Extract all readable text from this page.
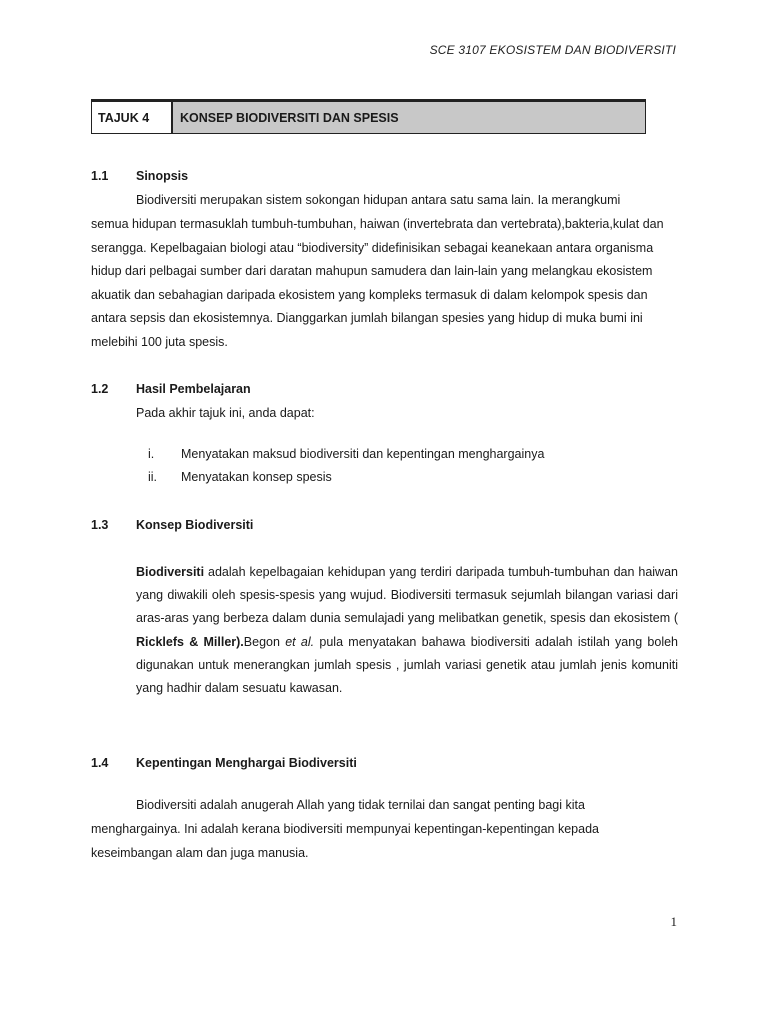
SCE 3107 EKOSISTEM DAN BIODIVERSITI
TAJUK 4	KONSEP BIODIVERSITI DAN SPESIS
1.1 Sinopsis

Biodiversiti merupakan sistem sokongan hidupan antara satu sama lain. Ia merangkumi

semua hidupan termasuklah tumbuh-tumbuhan, haiwan (invertebrata dan vertebrata),bakteria,kulat dan serangga. Kepelbagaian biologi atau “biodiversity” didefinisikan sebagai keanekaan antara organisma hidup dari pelbagai sumber dari daratan mahupun samudera dan lain-lain yang melangkau ekosistem akuatik dan sebahagian daripada ekosistem yang kompleks termasuk di dalam kelompok spesis dan antara sepsis dan ekosistemnya. Dianggarkan jumlah bilangan spesies yang hidup di muka bumi ini melebihi 100 juta spesis.

1.2 Hasil Pembelajaran

Pada akhir tajuk ini, anda dapat:

i.	Menyatakan maksud biodiversiti dan kepentingan menghargainya
ii.	Menyatakan konsep spesis
1.3 Konsep Biodiversiti

Biodiversiti adalah kepelbagaian kehidupan yang terdiri daripada tumbuh-tumbuhan dan haiwan yang diwakili oleh spesis-spesis yang wujud. Biodiversiti termasuk sejumlah bilangan variasi dari aras-aras yang berbeza dalam dunia semulajadi yang melibatkan genetik, spesis dan ekosistem ( Ricklefs & Miller).Begon et al. pula menyatakan bahawa biodiversiti adalah istilah yang boleh digunakan untuk menerangkan jumlah spesis , jumlah variasi genetik atau jumlah jenis komuniti yang hadhir dalam sesuatu kawasan.

1.4 Kepentingan Menghargai Biodiversiti

Biodiversiti adalah anugerah Allah yang tidak ternilai dan sangat penting bagi kita

menghargainya. Ini adalah kerana biodiversiti mempunyai kepentingan-kepentingan kepada keseimbangan alam dan juga manusia.

1
